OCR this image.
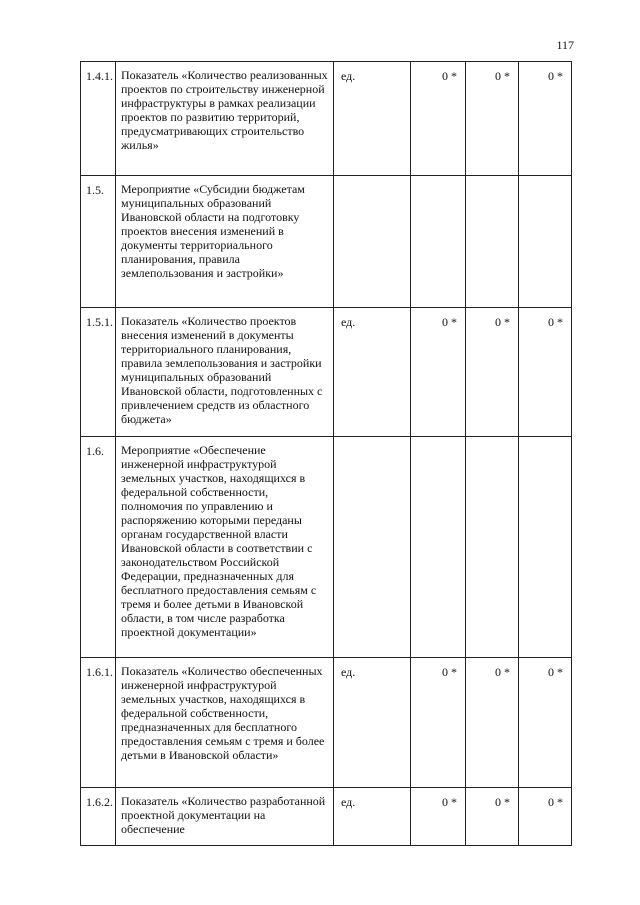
117
1.4.1.	Показатель «Количество реализованных проектов по строительству инженерной инфраструктуры в рамках реализации проектов по развитию территорий, предусматривающих строительство жилья»	ед.	0 *	0 *	0 *
1.5.	Мероприятие «Субсидии бюджетам муниципальных образований Ивановской области на подготовку проектов внесения изменений в документы территориального планирования, правила землепользования и застройки»				
1.5.1.	Показатель «Количество проектов внесения изменений в документы территориального планирования, правила землепользования и застройки муниципальных образований Ивановской области, подготовленных с привлечением средств из областного бюджета»	ед.	0 *	0 *	0 *
1.6.	Мероприятие «Обеспечение инженерной инфраструктурой земельных участков, находящихся в федеральной собственности, полномочия по управлению и распоряжению которыми переданы органам государственной власти Ивановской области в соответствии с законодательством Российской Федерации, предназначенных для бесплатного предоставления семьям с тремя и более детьми в Ивановской области, в том числе разработка проектной документации»				
1.6.1.	Показатель «Количество обеспеченных инженерной инфраструктурой земельных участков, находящихся в федеральной собственности, предназначенных для бесплатного предоставления семьям с тремя и более детьми в Ивановской области»	ед.	0 *	0 *	0 *
1.6.2.	Показатель «Количество разработанной проектной документации на обеспечение	ед.	0 *	0 *	0 *
